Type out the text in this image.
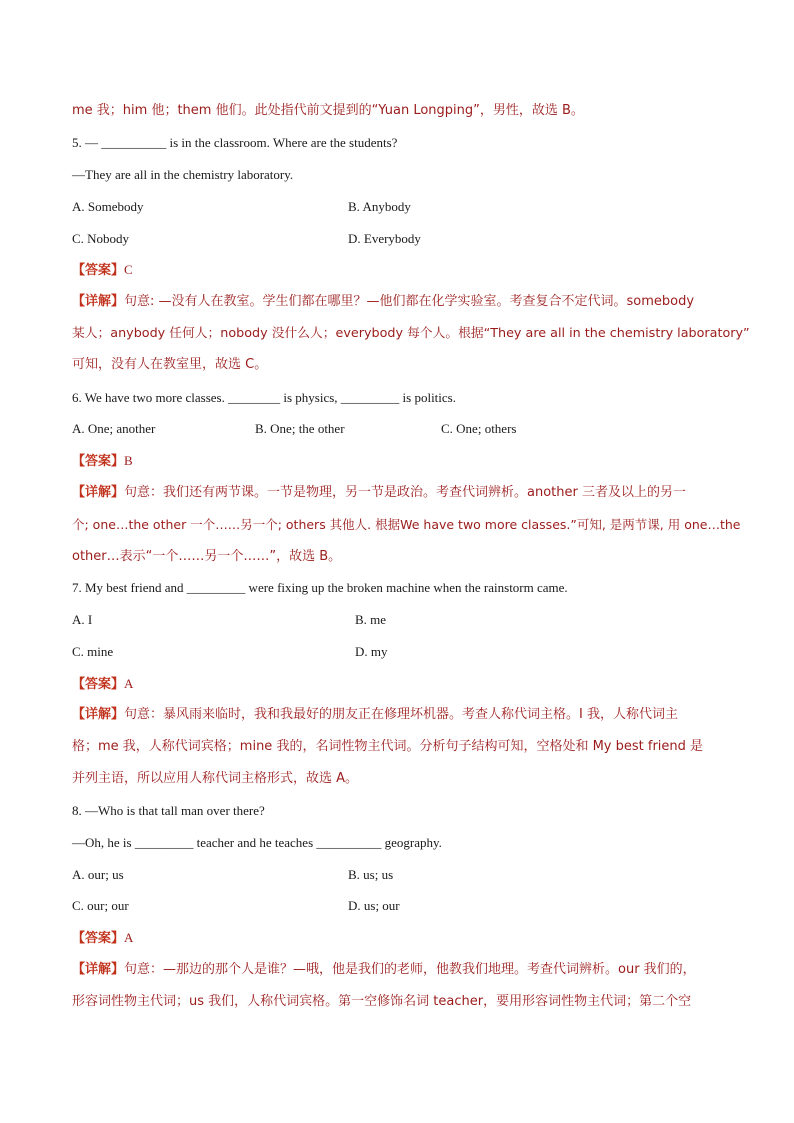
me 我；him 他；them 他们。此处指代前文提到的“Yuan Longping”，男性，故选 B。
5. — __________ is in the classroom. Where are the students?
—They are all in the chemistry laboratory.
A. Somebody	B. Anybody
C. Nobody	D. Everybody
【答案】C
【详解】句意: —没有人在教室。学生们都在哪里？—他们都在化学实验室。考查复合不定代词。somebody
某人；anybody 任何人；nobody 没什么人；everybody 每个人。根据“They are all in the chemistry laboratory”
可知，没有人在教室里，故选 C。
6. We have two more classes. ________ is physics, _________ is politics.
A. One; another	B. One; the other	C. One; others
【答案】B
【详解】句意：我们还有两节课。一节是物理，另一节是政治。考查代词辨析。another 三者及以上的另一
个; one…the other 一个……另一个; others 其他人. 根据We have two more classes.”可知, 是两节课, 用 one…the
other…表示“一个……另一个……”，故选 B。
7. My best friend and _________ were fixing up the broken machine when the rainstorm came.
A. I	B. me
C. mine	D. my
【答案】A
【详解】句意：暴风雨来临时，我和我最好的朋友正在修理坏机器。考查人称代词主格。I 我，人称代词主
格；me 我，人称代词宾格；mine 我的，名词性物主代词。分析句子结构可知，空格处和 My best friend 是
并列主语，所以应用人称代词主格形式，故选 A。
8. —Who is that tall man over there?
—Oh, he is _________ teacher and he teaches __________ geography.
A. our; us	B. us; us
C. our; our	D. us; our
【答案】A
【详解】句意：—那边的那个人是谁？—哦，他是我们的老师，他教我们地理。考查代词辨析。our 我们的，
形容词性物主代词；us 我们，人称代词宾格。第一空修饰名词 teacher，要用形容词性物主代词；第二个空
